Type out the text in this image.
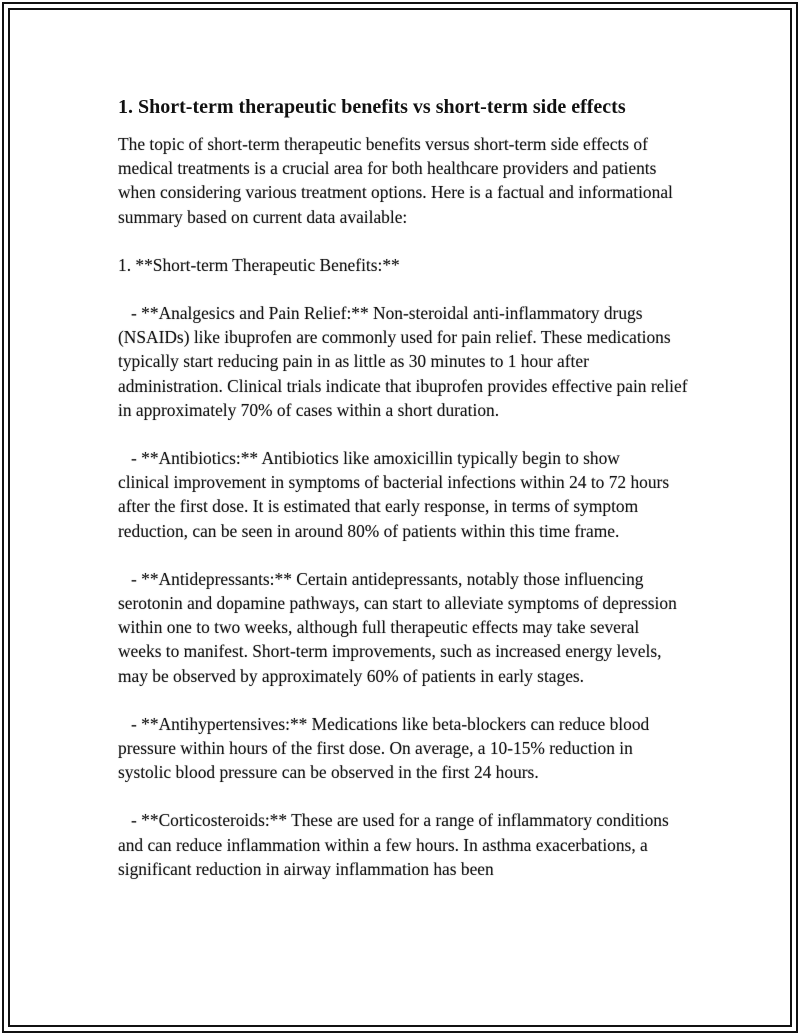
1. Short-term therapeutic benefits vs short-term side effects

The topic of short-term therapeutic benefits versus short-term side effects of medical treatments is a crucial area for both healthcare providers and patients when considering various treatment options. Here is a factual and informational summary based on current data available:

1. **Short-term Therapeutic Benefits:**

- **Analgesics and Pain Relief:** Non-steroidal anti-inflammatory drugs (NSAIDs) like ibuprofen are commonly used for pain relief. These medications typically start reducing pain in as little as 30 minutes to 1 hour after administration. Clinical trials indicate that ibuprofen provides effective pain relief in approximately 70% of cases within a short duration.

- **Antibiotics:** Antibiotics like amoxicillin typically begin to show clinical improvement in symptoms of bacterial infections within 24 to 72 hours after the first dose. It is estimated that early response, in terms of symptom reduction, can be seen in around 80% of patients within this time frame.

- **Antidepressants:** Certain antidepressants, notably those influencing serotonin and dopamine pathways, can start to alleviate symptoms of depression within one to two weeks, although full therapeutic effects may take several weeks to manifest. Short-term improvements, such as increased energy levels, may be observed by approximately 60% of patients in early stages.

- **Antihypertensives:** Medications like beta-blockers can reduce blood pressure within hours of the first dose. On average, a 10-15% reduction in systolic blood pressure can be observed in the first 24 hours.

- **Corticosteroids:** These are used for a range of inflammatory conditions and can reduce inflammation within a few hours. In asthma exacerbations, a significant reduction in airway inflammation has been
